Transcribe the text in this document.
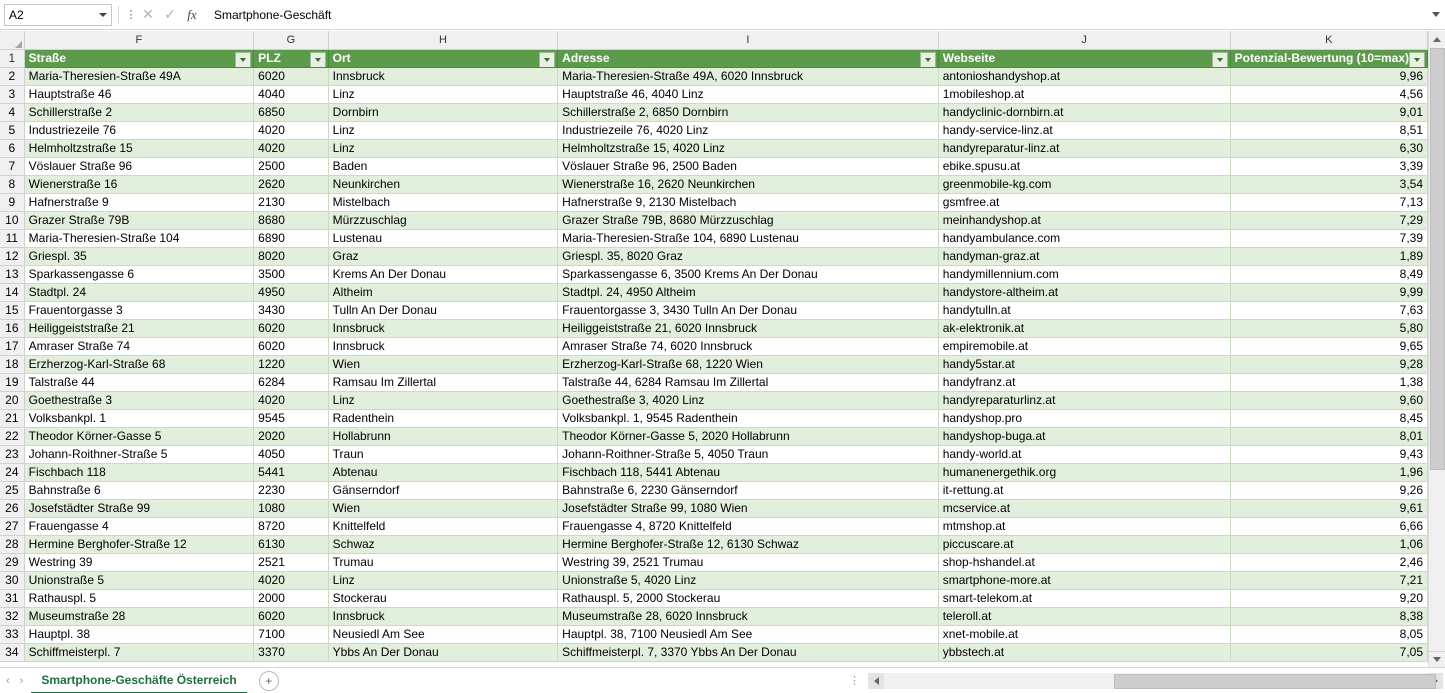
A2	⋮ ✕ ✓ fx	Smartphone-Geschäft
	F	G	H	I	J	K
1	Straße	PLZ	Ort	Adresse	Webseite	Potenzial-Bewertung (10=max)

2	Maria-Theresien-Straße 49A	6020	Innsbruck	Maria-Theresien-Straße 49A, 6020 Innsbruck	antonioshandyshop.at	9,96
3	Hauptstraße 46	4040	Linz	Hauptstraße 46, 4040 Linz	1mobileshop.at	4,56
4	Schillerstraße 2	6850	Dornbirn	Schillerstraße 2, 6850 Dornbirn	handyclinic-dornbirn.at	9,01
5	Industriezeile 76	4020	Linz	Industriezeile 76, 4020 Linz	handy-service-linz.at	8,51
6	Helmholtzstraße 15	4020	Linz	Helmholtzstraße 15, 4020 Linz	handyreparatur-linz.at	6,30
7	Vöslauer Straße 96	2500	Baden	Vöslauer Straße 96, 2500 Baden	ebike.spusu.at	3,39
8	Wienerstraße 16	2620	Neunkirchen	Wienerstraße 16, 2620 Neunkirchen	greenmobile-kg.com	3,54
9	Hafnerstraße 9	2130	Mistelbach	Hafnerstraße 9, 2130 Mistelbach	gsmfree.at	7,13
10	Grazer Straße 79B	8680	Mürzzuschlag	Grazer Straße 79B, 8680 Mürzzuschlag	meinhandyshop.at	7,29
11	Maria-Theresien-Straße 104	6890	Lustenau	Maria-Theresien-Straße 104, 6890 Lustenau	handyambulance.com	7,39
12	Griespl. 35	8020	Graz	Griespl. 35, 8020 Graz	handyman-graz.at	1,89
13	Sparkassengasse 6	3500	Krems An Der Donau	Sparkassengasse 6, 3500 Krems An Der Donau	handymillennium.com	8,49
14	Stadtpl. 24	4950	Altheim	Stadtpl. 24, 4950 Altheim	handystore-altheim.at	9,99
15	Frauentorgasse 3	3430	Tulln An Der Donau	Frauentorgasse 3, 3430 Tulln An Der Donau	handytulln.at	7,63
16	Heiliggeiststraße 21	6020	Innsbruck	Heiliggeiststraße 21, 6020 Innsbruck	ak-elektronik.at	5,80
17	Amraser Straße 74	6020	Innsbruck	Amraser Straße 74, 6020 Innsbruck	empiremobile.at	9,65
18	Erzherzog-Karl-Straße 68	1220	Wien	Erzherzog-Karl-Straße 68, 1220 Wien	handy5star.at	9,28
19	Talstraße 44	6284	Ramsau Im Zillertal	Talstraße 44, 6284 Ramsau Im Zillertal	handyfranz.at	1,38
20	Goethestraße 3	4020	Linz	Goethestraße 3, 4020 Linz	handyreparaturlinz.at	9,60
21	Volksbankpl. 1	9545	Radenthein	Volksbankpl. 1, 9545 Radenthein	handyshop.pro	8,45
22	Theodor Körner-Gasse 5	2020	Hollabrunn	Theodor Körner-Gasse 5, 2020 Hollabrunn	handyshop-buga.at	8,01
23	Johann-Roithner-Straße 5	4050	Traun	Johann-Roithner-Straße 5, 4050 Traun	handy-world.at	9,43
24	Fischbach 118	5441	Abtenau	Fischbach 118, 5441 Abtenau	humanenergethik.org	1,96
25	Bahnstraße 6	2230	Gänserndorf	Bahnstraße 6, 2230 Gänserndorf	it-rettung.at	9,26
26	Josefstädter Straße 99	1080	Wien	Josefstädter Straße 99, 1080 Wien	mcservice.at	9,61
27	Frauengasse 4	8720	Knittelfeld	Frauengasse 4, 8720 Knittelfeld	mtmshop.at	6,66
28	Hermine Berghofer-Straße 12	6130	Schwaz	Hermine Berghofer-Straße 12, 6130 Schwaz	piccuscare.at	1,06
29	Westring 39	2521	Trumau	Westring 39, 2521 Trumau	shop-hshandel.at	2,46
30	Unionstraße 5	4020	Linz	Unionstraße 5, 4020 Linz	smartphone-more.at	7,21
31	Rathauspl. 5	2000	Stockerau	Rathauspl. 5, 2000 Stockerau	smart-telekom.at	9,20
32	Museumstraße 28	6020	Innsbruck	Museumstraße 28, 6020 Innsbruck	teleroll.at	8,38
33	Hauptpl. 38	7100	Neusiedl Am See	Hauptpl. 38, 7100 Neusiedl Am See	xnet-mobile.at	8,05
34	Schiffmeisterpl. 7	3370	Ybbs An Der Donau	Schiffmeisterpl. 7, 3370 Ybbs An Der Donau	ybbstech.at	7,05
‹ ›	Smartphone-Geschäfte Österreich	+	⋮
